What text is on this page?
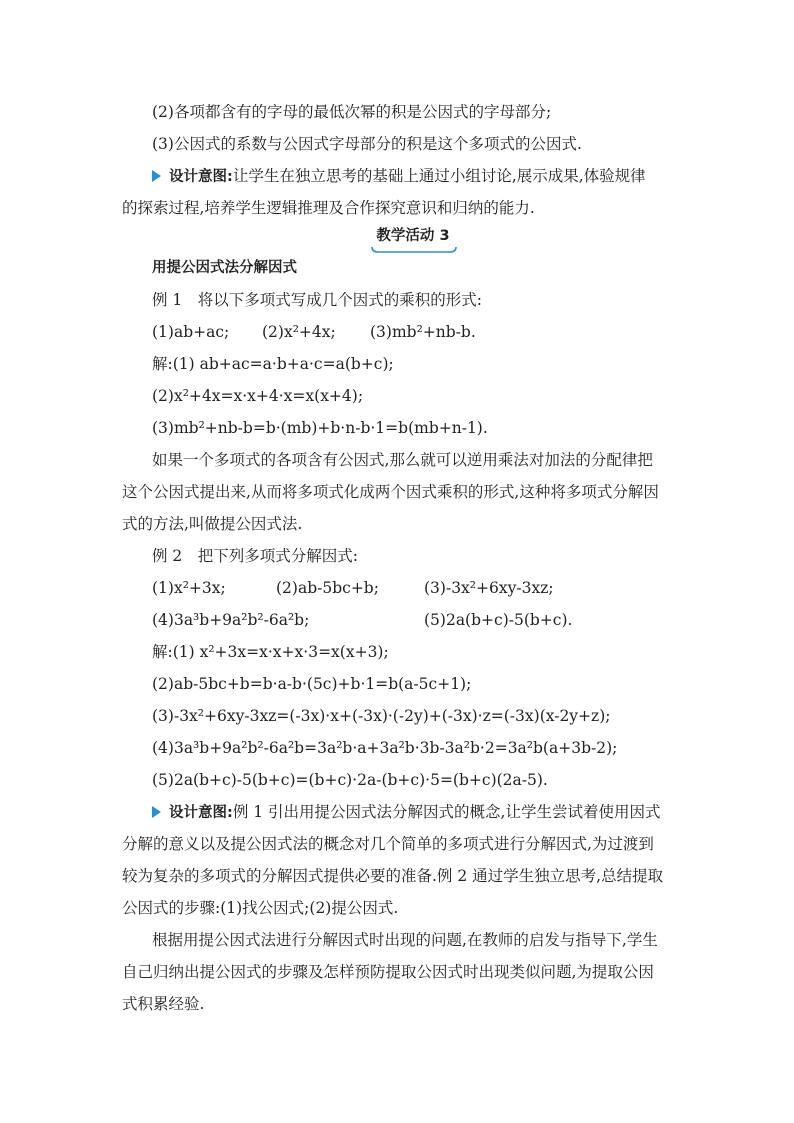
(2)各项都含有的字母的最低次幂的积是公因式的字母部分;
(3)公因式的系数与公因式字母部分的积是这个多项式的公因式.
设计意图:让学生在独立思考的基础上通过小组讨论,展示成果,体验规律
的探索过程,培养学生逻辑推理及合作探究意识和归纳的能力.
教学活动 3
用提公因式法分解因式
例 1　将以下多项式写成几个因式的乘积的形式:
(1)ab+ac; (2)x²+4x; (3)mb²+nb-b.
解:(1) ab+ac=a·b+a·c=a(b+c);
(2)x²+4x=x·x+4·x=x(x+4);
(3)mb²+nb-b=b·(mb)+b·n-b·1=b(mb+n-1).
如果一个多项式的各项含有公因式,那么就可以逆用乘法对加法的分配律把
这个公因式提出来,从而将多项式化成两个因式乘积的形式,这种将多项式分解因
式的方法,叫做提公因式法.
例 2　把下列多项式分解因式:
(1)x²+3x;	(2)ab-5bc+b;	(3)-3x²+6xy-3xz;
(4)3a³b+9a²b²-6a²b;	(5)2a(b+c)-5(b+c).
解:(1) x²+3x=x·x+x·3=x(x+3);
(2)ab-5bc+b=b·a-b·(5c)+b·1=b(a-5c+1);
(3)-3x²+6xy-3xz=(-3x)·x+(-3x)·(-2y)+(-3x)·z=(-3x)(x-2y+z);
(4)3a³b+9a²b²-6a²b=3a²b·a+3a²b·3b-3a²b·2=3a²b(a+3b-2);
(5)2a(b+c)-5(b+c)=(b+c)·2a-(b+c)·5=(b+c)(2a-5).
设计意图:例 1 引出用提公因式法分解因式的概念,让学生尝试着使用因式
分解的意义以及提公因式法的概念对几个简单的多项式进行分解因式,为过渡到
较为复杂的多项式的分解因式提供必要的准备.例 2 通过学生独立思考,总结提取
公因式的步骤:(1)找公因式;(2)提公因式.
根据用提公因式法进行分解因式时出现的问题,在教师的启发与指导下,学生
自己归纳出提公因式的步骤及怎样预防提取公因式时出现类似问题,为提取公因
式积累经验.
